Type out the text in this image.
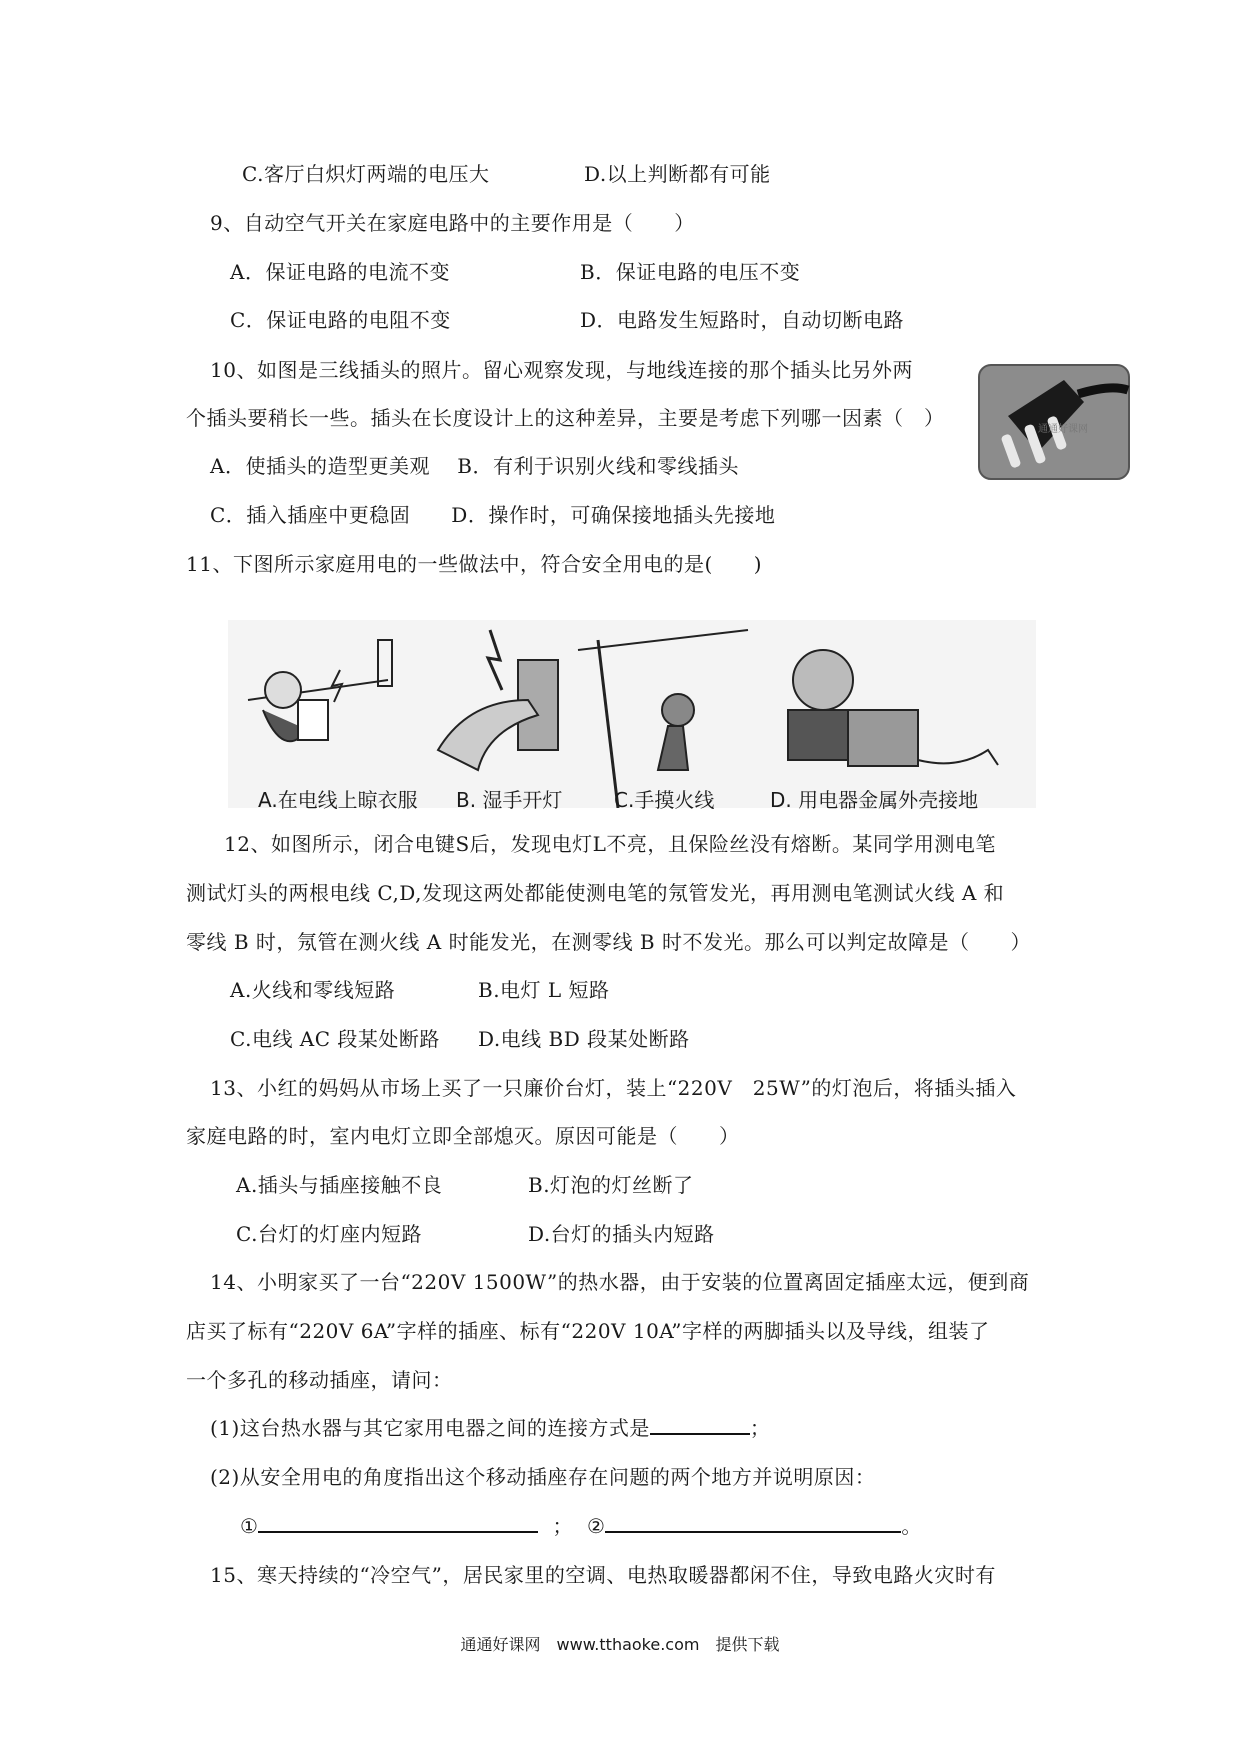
C.客厅白炽灯两端的电压大	D.以上判断都有可能
9、自动空气开关在家庭电路中的主要作用是（　　）
A．保证电路的电流不变	B．保证电路的电压不变
C．保证电路的电阻不变	D．电路发生短路时，自动切断电路
10、如图是三线插头的照片。留心观察发现，与地线连接的那个插头比另外两
个插头要稍长一些。插头在长度设计上的这种差异，主要是考虑下列哪一因素（　）
A．使插头的造型更美观　 B．有利于识别火线和零线插头
C．插入插座中更稳固　　D．操作时，可确保接地插头先接地
通通好课网
11、下图所示家庭用电的一些做法中，符合安全用电的是(　　)
A.在电线上晾衣服 B. 湿手开灯	C.手摸火线	D. 用电器金属外壳接地
12、如图所示，闭合电键S后，发现电灯L不亮，且保险丝没有熔断。某同学用测电笔
测试灯头的两根电线 C,D,发现这两处都能使测电笔的氖管发光，再用测电笔测试火线 A 和
零线 B 时，氖管在测火线 A 时能发光，在测零线 B 时不发光。那么可以判定故障是（　　）
A.火线和零线短路	B.电灯 L 短路
C.电线 AC 段某处断路 D.电线 BD 段某处断路
13、小红的妈妈从市场上买了一只廉价台灯，装上“220V　25W”的灯泡后，将插头插入
家庭电路的时，室内电灯立即全部熄灭。原因可能是（　　）
A.插头与插座接触不良	B.灯泡的灯丝断了
C.台灯的灯座内短路	D.台灯的插头内短路
14、小明家买了一台“220V 1500W”的热水器，由于安装的位置离固定插座太远，便到商
店买了标有“220V 6A”字样的插座、标有“220V 10A”字样的两脚插头以及导线，组装了
一个多孔的移动插座，请问：
(1)这台热水器与其它家用电器之间的连接方式是	；
(2)从安全用电的角度指出这个移动插座存在问题的两个地方并说明原因：
①	； ②	。
15、寒天持续的“冷空气”，居民家里的空调、电热取暖器都闲不住，导致电路火灾时有
通通好课网　www.tthaoke.com　提供下载
